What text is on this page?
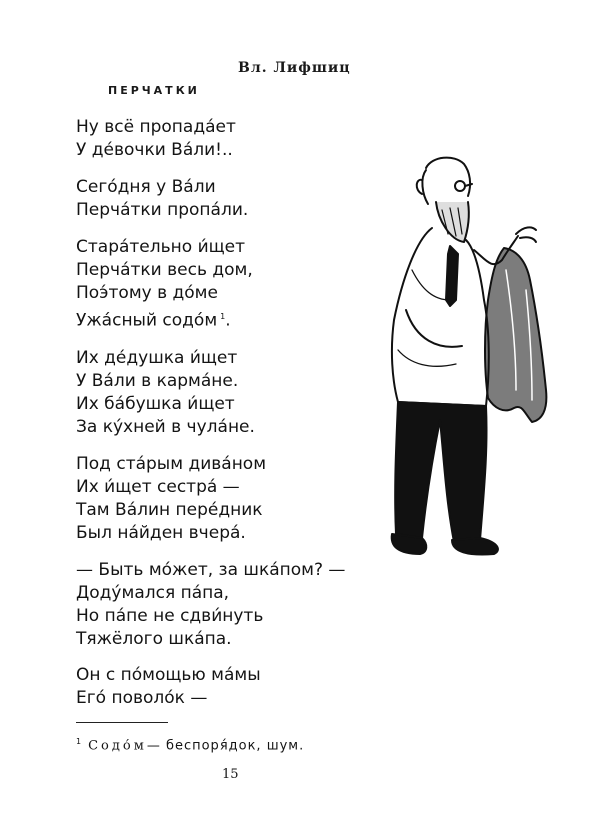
Вл. Лифшиц
ПЕРЧАТКИ
Ну всё пропада́ет
У де́вочки Ва́ли!..
Сего́дня у Ва́ли
Перча́тки пропа́ли.
Стара́тельно и́щет
Перча́тки весь дом,
Поэ́тому в до́ме
Ужа́сный содо́м $^1$.
Их де́душка и́щет
У Ва́ли в карма́не.
Их ба́бушка и́щет
За ку́хней в чула́не.
Под ста́рым дива́ном
Их и́щет сестра́ —
Там Ва́лин пере́дник
Был на́йден вчера́.
— Быть мо́жет, за шка́пом? —
Доду́мался па́па,
Но па́пе не сдви́нуть
Тяжёлого шка́па.
Он с по́мощью ма́мы
Его́ поволо́к —
$^1$ Содо́м— беспоря́док, шум.
15
